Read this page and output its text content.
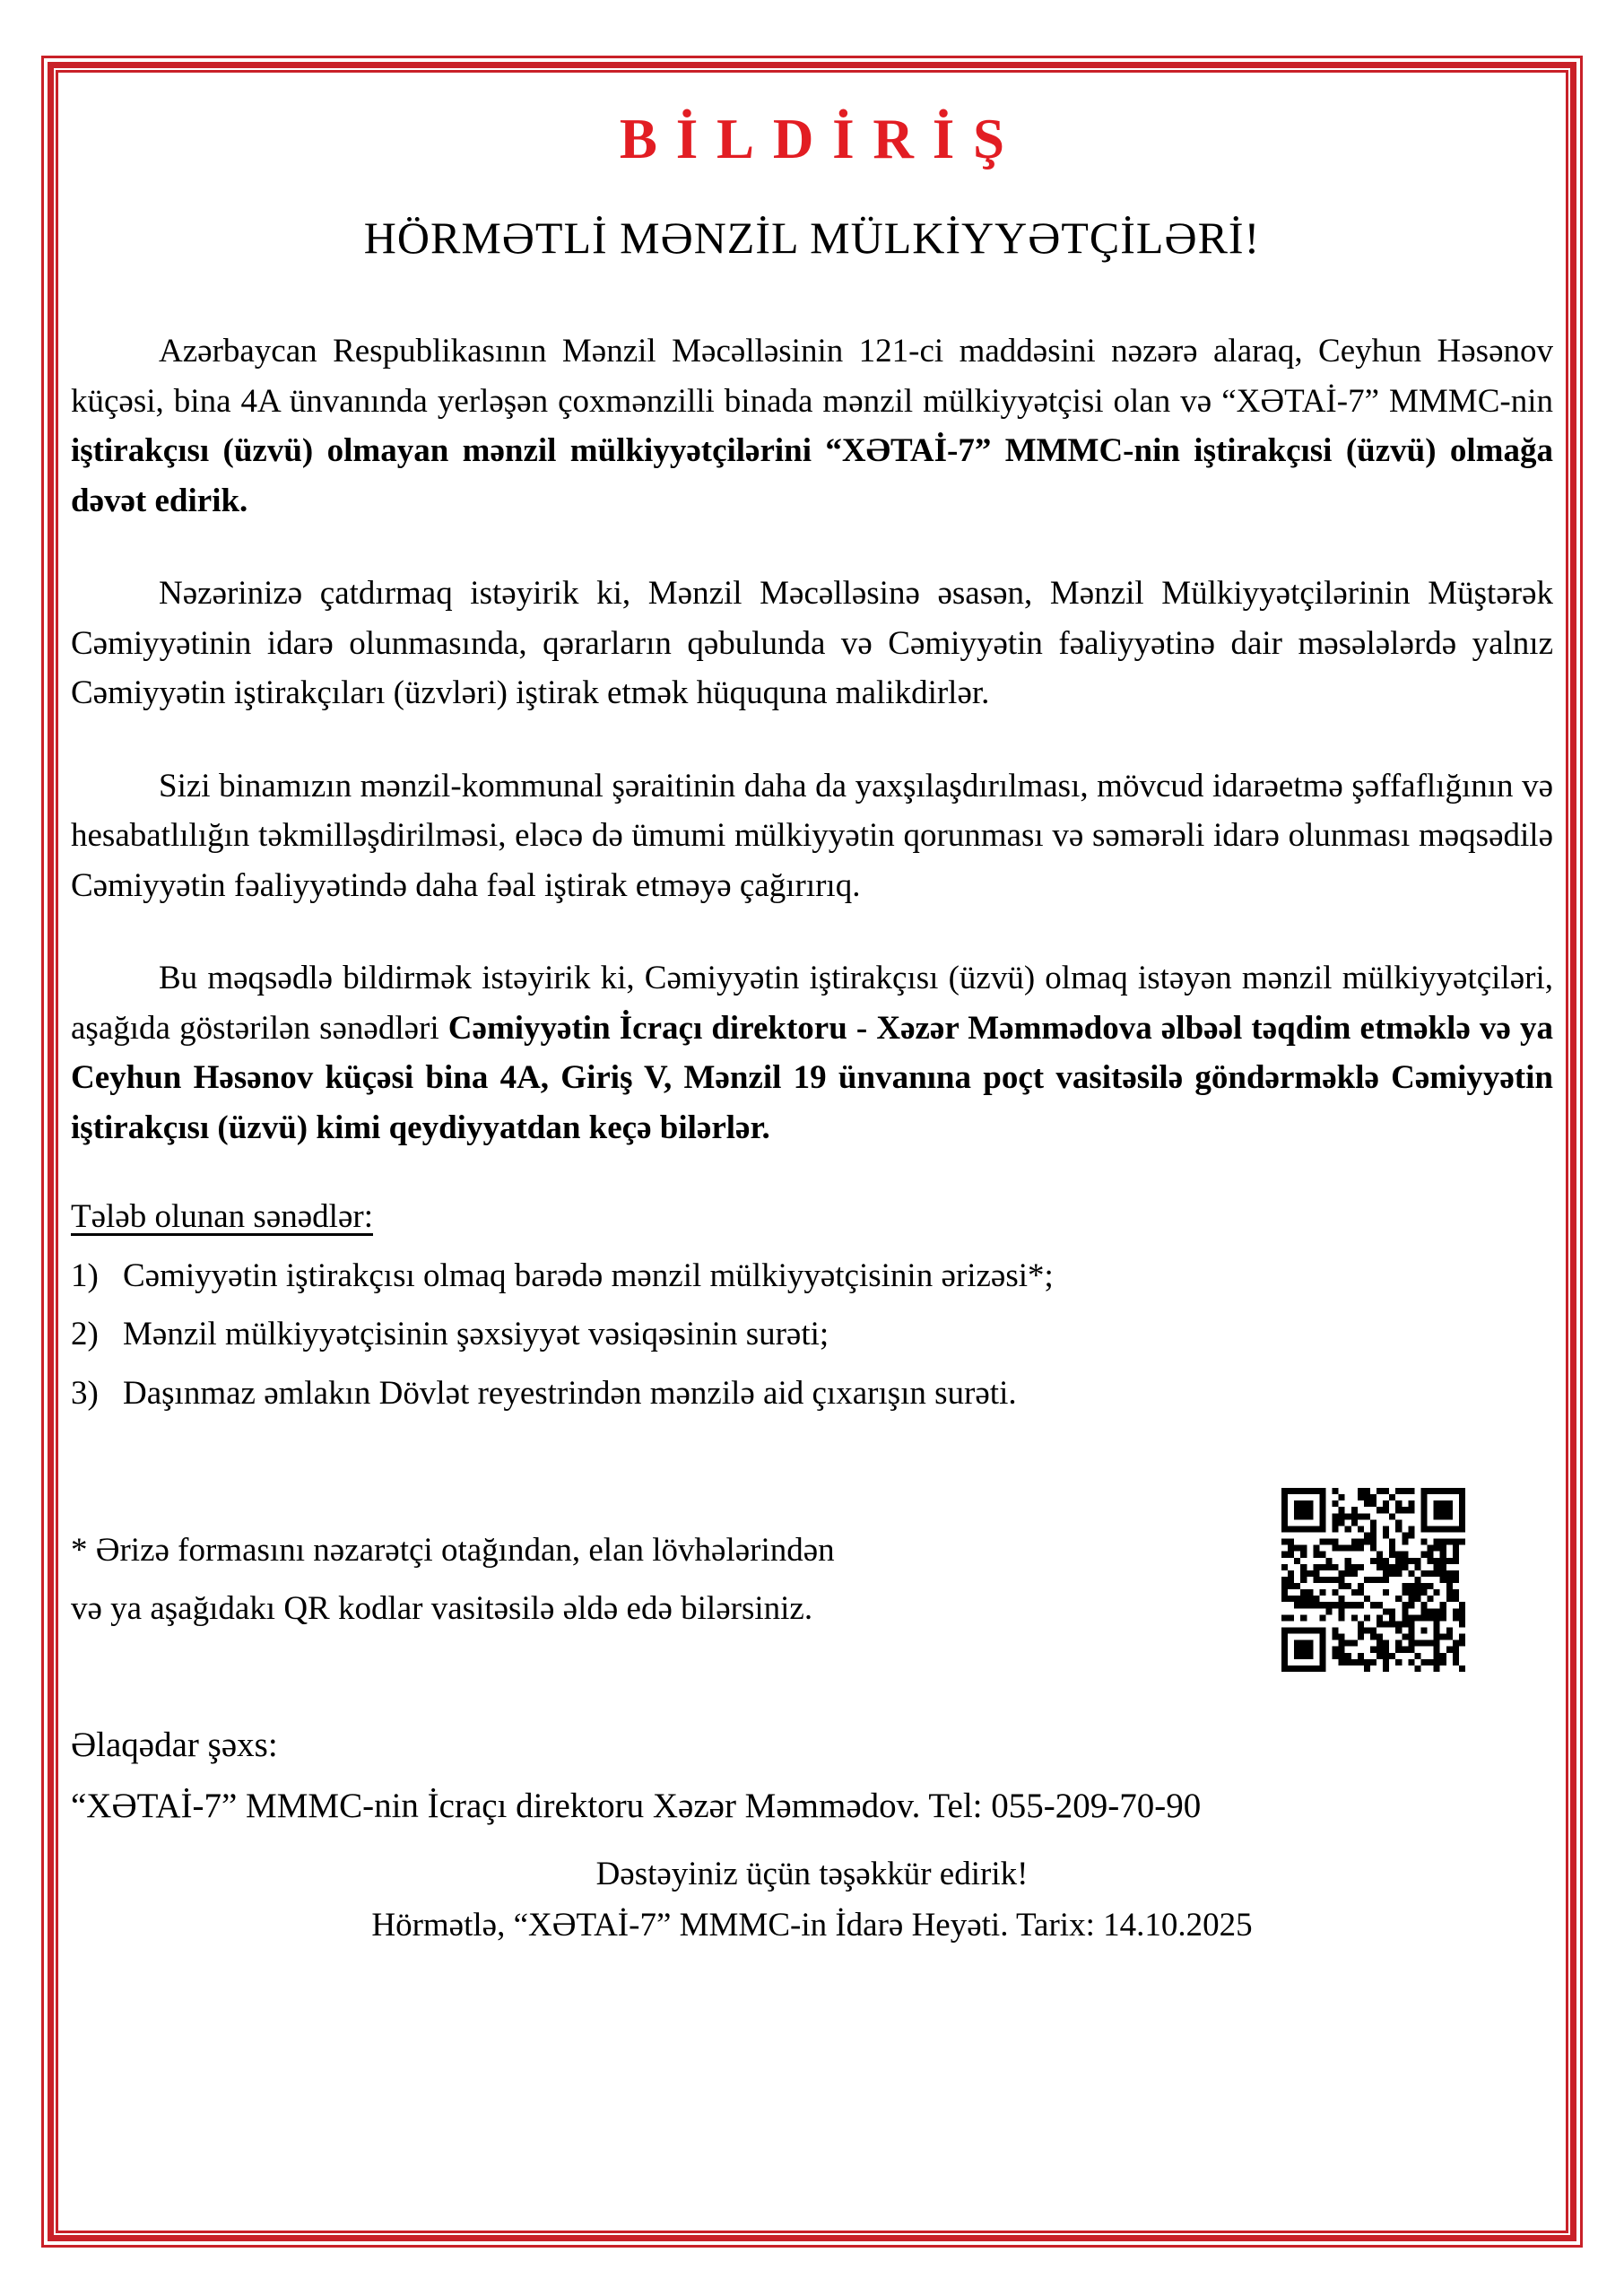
BİLDİRİŞ
HÖRMƏTLİ MƏNZİL MÜLKİYYƏTÇİLƏRİ!

Azərbaycan Respublikasının Mənzil Məcəlləsinin 121-ci maddəsini nəzərə alaraq, Ceyhun Həsənov küçəsi, bina 4A ünvanında yerləşən çoxmənzilli binada mənzil mülkiyyətçisi olan və “XƏTAİ-7” MMMC-nin iştirakçısı (üzvü) olmayan mənzil mülkiyyətçilərini “XƏTAİ-7” MMMC-nin iştirakçısi (üzvü) olmağa dəvət edirik.

Nəzərinizə çatdırmaq istəyirik ki, Mənzil Məcəlləsinə əsasən, Mənzil Mülkiyyətçilərinin Müştərək Cəmiyyətinin idarə olunmasında, qərarların qəbulunda və Cəmiyyətin fəaliyyətinə dair məsələlərdə yalnız Cəmiyyətin iştirakçıları (üzvləri) iştirak etmək hüququna malikdirlər.

Sizi binamızın mənzil-kommunal şəraitinin daha da yaxşılaşdırılması, mövcud idarəetmə şəffaflığının və hesabatlılığın təkmilləşdirilməsi, eləcə də ümumi mülkiyyətin qorunması və səmərəli idarə olunması məqsədilə Cəmiyyətin fəaliyyətində daha fəal iştirak etməyə çağırırıq.

Bu məqsədlə bildirmək istəyirik ki, Cəmiyyətin iştirakçısı (üzvü) olmaq istəyən mənzil mülkiyyətçiləri, aşağıda göstərilən sənədləri Cəmiyyətin İcraçı direktoru - Xəzər Məmmədova əlbəəl təqdim etməklə və ya Ceyhun Həsənov küçəsi bina 4A, Giriş V, Mənzil 19 ünvanına poçt vasitəsilə göndərməklə Cəmiyyətin iştirakçısı (üzvü) kimi qeydiyyatdan keçə bilərlər.

Tələb olunan sənədlər:
1) Cəmiyyətin iştirakçısı olmaq barədə mənzil mülkiyyətçisinin ərizəsi*;
2) Mənzil mülkiyyətçisinin şəxsiyyət vəsiqəsinin surəti;
3) Daşınmaz əmlakın Dövlət reyestrindən mənzilə aid çıxarışın surəti.
* Ərizə formasını nəzarətçi otağından, elan lövhələrindən
və ya aşağıdakı QR kodlar vasitəsilə əldə edə bilərsiniz.
Əlaqədar şəxs:
“XƏTAİ-7” MMMC-nin İcraçı direktoru Xəzər Məmmədov. Tel: 055-209-70-90
Dəstəyiniz üçün təşəkkür edirik!
Hörmətlə, “XƏTAİ-7” MMMC-in İdarə Heyəti. Tarix: 14.10.2025
